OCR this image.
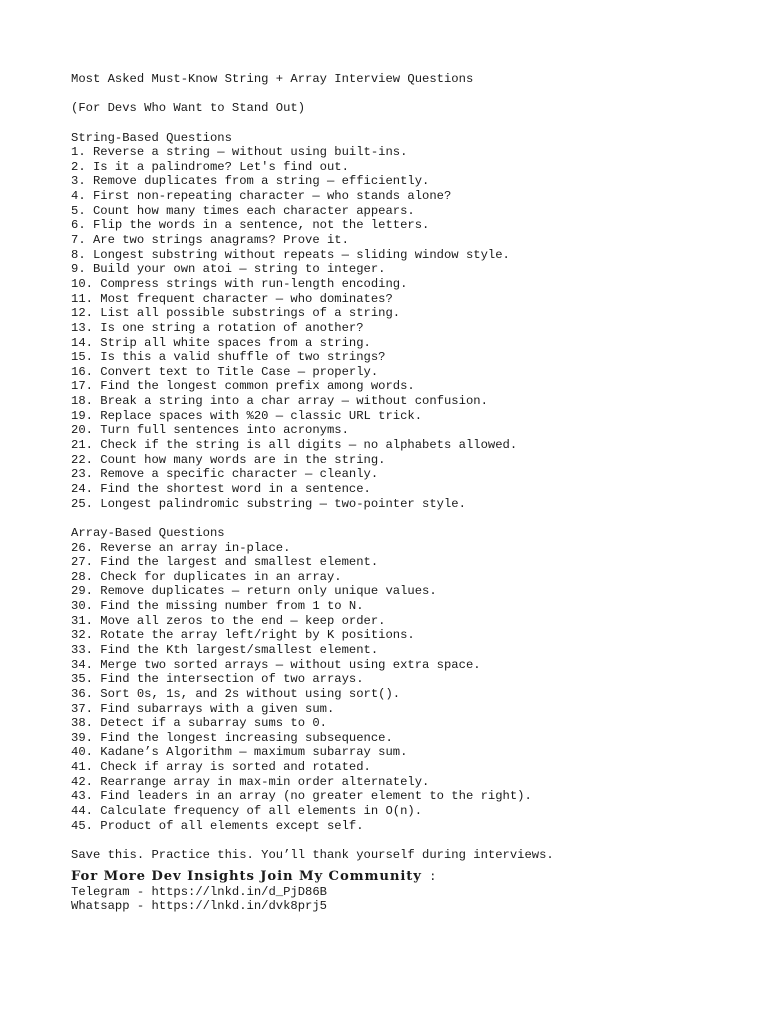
Most Asked Must-Know String + Array Interview Questions
(For Devs Who Want to Stand Out)
String-Based Questions
1. Reverse a string — without using built-ins.
2. Is it a palindrome? Let's find out.
3. Remove duplicates from a string — efficiently.
4. First non-repeating character — who stands alone?
5. Count how many times each character appears.
6. Flip the words in a sentence, not the letters.
7. Are two strings anagrams? Prove it.
8. Longest substring without repeats — sliding window style.
9. Build your own atoi — string to integer.
10. Compress strings with run-length encoding.
11. Most frequent character — who dominates?
12. List all possible substrings of a string.
13. Is one string a rotation of another?
14. Strip all white spaces from a string.
15. Is this a valid shuffle of two strings?
16. Convert text to Title Case — properly.
17. Find the longest common prefix among words.
18. Break a string into a char array — without confusion.
19. Replace spaces with %20 — classic URL trick.
20. Turn full sentences into acronyms.
21. Check if the string is all digits — no alphabets allowed.
22. Count how many words are in the string.
23. Remove a specific character — cleanly.
24. Find the shortest word in a sentence.
25. Longest palindromic substring — two-pointer style.
Array-Based Questions
26. Reverse an array in-place.
27. Find the largest and smallest element.
28. Check for duplicates in an array.
29. Remove duplicates — return only unique values.
30. Find the missing number from 1 to N.
31. Move all zeros to the end — keep order.
32. Rotate the array left/right by K positions.
33. Find the Kth largest/smallest element.
34. Merge two sorted arrays — without using extra space.
35. Find the intersection of two arrays.
36. Sort 0s, 1s, and 2s without using sort().
37. Find subarrays with a given sum.
38. Detect if a subarray sums to 0.
39. Find the longest increasing subsequence.
40. Kadane’s Algorithm — maximum subarray sum.
41. Check if array is sorted and rotated.
42. Rearrange array in max-min order alternately.
43. Find leaders in an array (no greater element to the right).
44. Calculate frequency of all elements in O(n).
45. Product of all elements except self.
Save this. Practice this. You’ll thank yourself during interviews.
For More Dev Insights Join My Community :
Telegram - https://lnkd.in/d_PjD86B
Whatsapp - https://lnkd.in/dvk8prj5
